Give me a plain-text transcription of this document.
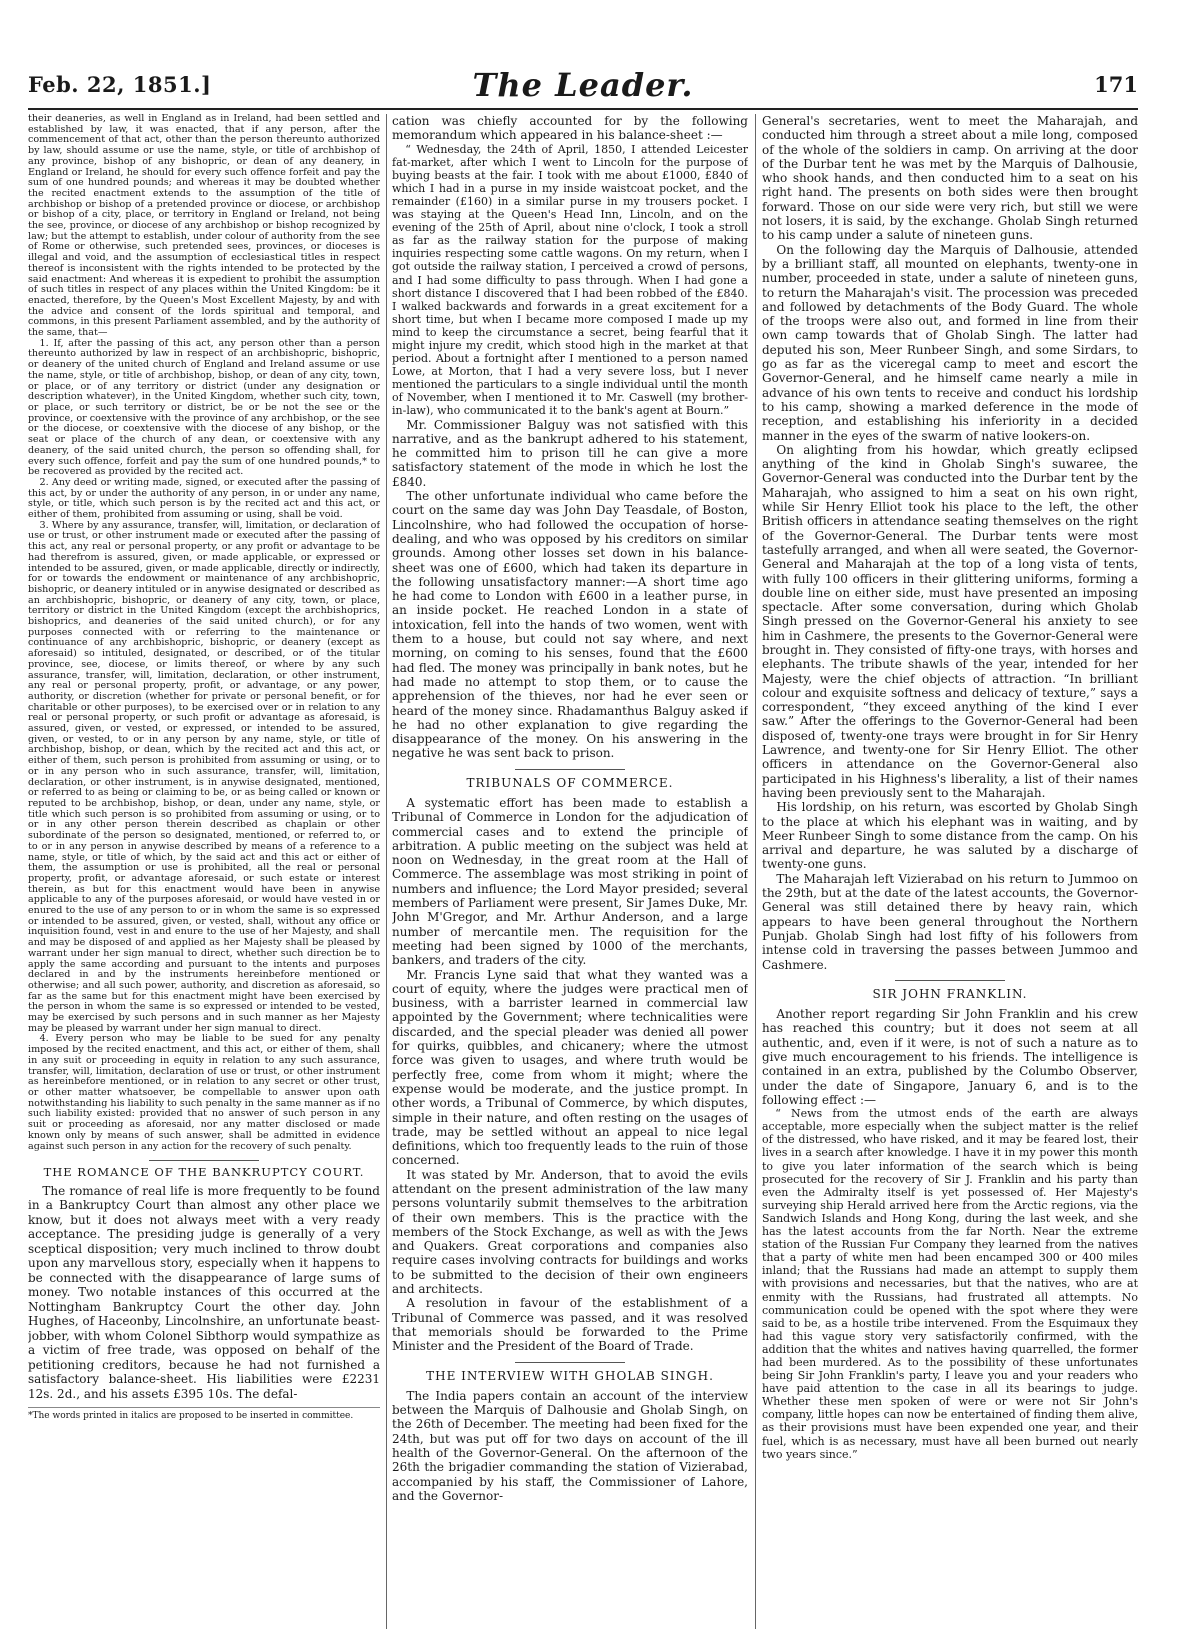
Feb. 22, 1851.]	The Leader.	171

their deaneries, as well in England as in Ireland, had been settled and established by law, it was enacted, that if any person, after the commencement of that act, other than the person thereunto authorized by law, should assume or use the name, style, or title of archbishop of any province, bishop of any bishopric, or dean of any deanery, in England or Ireland, he should for every such offence forfeit and pay the sum of one hundred pounds; and whereas it may be doubted whether the recited enactment extends to the assumption of the title of archbishop or bishop of a pretended province or diocese, or archbishop or bishop of a city, place, or territory in England or Ireland, not being the see, province, or diocese of any archbishop or bishop recognized by law; but the attempt to establish, under colour of authority from the see of Rome or otherwise, such pretended sees, provinces, or dioceses is illegal and void, and the assumption of ecclesiastical titles in respect thereof is inconsistent with the rights intended to be protected by the said enactment: And whereas it is expedient to prohibit the assumption of such titles in respect of any places within the United Kingdom: be it enacted, therefore, by the Queen's Most Excellent Majesty, by and with the advice and consent of the lords spiritual and temporal, and commons, in this present Parliament assembled, and by the authority of the same, that—

1. If, after the passing of this act, any person other than a person thereunto authorized by law in respect of an archbishopric, bishopric, or deanery of the united church of England and Ireland assume or use the name, style, or title of archbishop, bishop, or dean of any city, town, or place, or of any territory or district (under any designation or description whatever), in the United Kingdom, whether such city, town, or place, or such territory or district, be or be not the see or the province, or coextensive with the province of any archbishop, or the see or the diocese, or coextensive with the diocese of any bishop, or the seat or place of the church of any dean, or coextensive with any deanery, of the said united church, the person so offending shall, for every such offence, forfeit and pay the sum of one hundred pounds,* to be recovered as provided by the recited act.

2. Any deed or writing made, signed, or executed after the passing of this act, by or under the authority of any person, in or under any name, style, or title, which such person is by the recited act and this act, or either of them, prohibited from assuming or using, shall be void.

3. Where by any assurance, transfer, will, limitation, or declaration of use or trust, or other instrument made or executed after the passing of this act, any real or personal property, or any profit or advantage to be had therefrom is assured, given, or made applicable, or expressed or intended to be assured, given, or made applicable, directly or indirectly, for or towards the endowment or maintenance of any archbishopric, bishopric, or deanery intituled or in anywise designated or described as an archbishopric, bishopric, or deanery of any city, town, or place, territory or district in the United Kingdom (except the archbishoprics, bishoprics, and deaneries of the said united church), or for any purposes connected with or referring to the maintenance or continuance of any archbishopric, bishopric, or deanery (except as aforesaid) so intituled, designated, or described, or of the titular province, see, diocese, or limits thereof, or where by any such assurance, transfer, will, limitation, declaration, or other instrument, any real or personal property, profit, or advantage, or any power, authority, or discretion (whether for private or personal benefit, or for charitable or other purposes), to be exercised over or in relation to any real or personal property, or such profit or advantage as aforesaid, is assured, given, or vested, or expressed, or intended to be assured, given, or vested, to or in any person by any name, style, or title of archbishop, bishop, or dean, which by the recited act and this act, or either of them, such person is prohibited from assuming or using, or to or in any person who in such assurance, transfer, will, limitation, declaration, or other instrument, is in anywise designated, mentioned, or referred to as being or claiming to be, or as being called or known or reputed to be archbishop, bishop, or dean, under any name, style, or title which such person is so prohibited from assuming or using, or to or in any other person therein described as chaplain or other subordinate of the person so designated, mentioned, or referred to, or to or in any person in anywise described by means of a reference to a name, style, or title of which, by the said act and this act or either of them, the assumption or use is prohibited, all the real or personal property, profit, or advantage aforesaid, or such estate or interest therein, as but for this enactment would have been in anywise applicable to any of the purposes aforesaid, or would have vested in or enured to the use of any person to or in whom the same is so expressed or intended to be assured, given, or vested, shall, without any office or inquisition found, vest in and enure to the use of her Majesty, and shall and may be disposed of and applied as her Majesty shall be pleased by warrant under her sign manual to direct, whether such direction be to apply the same according and pursuant to the intents and purposes declared in and by the instruments hereinbefore mentioned or otherwise; and all such power, authority, and discretion as aforesaid, so far as the same but for this enactment might have been exercised by the person in whom the same is so expressed or intended to be vested, may be exercised by such persons and in such manner as her Majesty may be pleased by warrant under her sign manual to direct.

4. Every person who may be liable to be sued for any penalty imposed by the recited enactment, and this act, or either of them, shall in any suit or proceeding in equity in relation to any such assurance, transfer, will, limitation, declaration of use or trust, or other instrument as hereinbefore mentioned, or in relation to any secret or other trust, or other matter whatsoever, be compellable to answer upon oath notwithstanding his liability to such penalty in the same manner as if no such liability existed: provided that no answer of such person in any suit or proceeding as aforesaid, nor any matter disclosed or made known only by means of such answer, shall be admitted in evidence against such person in any action for the recovery of such penalty.

THE ROMANCE OF THE BANKRUPTCY COURT.

The romance of real life is more frequently to be found in a Bankruptcy Court than almost any other place we know, but it does not always meet with a very ready acceptance. The presiding judge is generally of a very sceptical disposition; very much inclined to throw doubt upon any marvellous story, especially when it happens to be connected with the disappearance of large sums of money. Two notable instances of this occurred at the Nottingham Bankruptcy Court the other day. John Hughes, of Haceonby, Lincolnshire, an unfortunate beast-jobber, with whom Colonel Sibthorp would sympathize as a victim of free trade, was opposed on behalf of the petitioning creditors, because he had not furnished a satisfactory balance-sheet. His liabilities were £2231 12s. 2d., and his assets £395 10s. The defal-

*The words printed in italics are proposed to be inserted in committee.

cation was chiefly accounted for by the following memorandum which appeared in his balance-sheet :—

“ Wednesday, the 24th of April, 1850, I attended Leicester fat-market, after which I went to Lincoln for the purpose of buying beasts at the fair. I took with me about £1000, £840 of which I had in a purse in my inside waistcoat pocket, and the remainder (£160) in a similar purse in my trousers pocket. I was staying at the Queen's Head Inn, Lincoln, and on the evening of the 25th of April, about nine o'clock, I took a stroll as far as the railway station for the purpose of making inquiries respecting some cattle wagons. On my return, when I got outside the railway station, I perceived a crowd of persons, and I had some difficulty to pass through. When I had gone a short distance I discovered that I had been robbed of the £840. I walked backwards and forwards in a great excitement for a short time, but when I became more composed I made up my mind to keep the circumstance a secret, being fearful that it might injure my credit, which stood high in the market at that period. About a fortnight after I mentioned to a person named Lowe, at Morton, that I had a very severe loss, but I never mentioned the particulars to a single individual until the month of November, when I mentioned it to Mr. Caswell (my brother-in-law), who communicated it to the bank's agent at Bourn.”

Mr. Commissioner Balguy was not satisfied with this narrative, and as the bankrupt adhered to his statement, he committed him to prison till he can give a more satisfactory statement of the mode in which he lost the £840.

The other unfortunate individual who came before the court on the same day was John Day Teasdale, of Boston, Lincolnshire, who had followed the occupation of horse-dealing, and who was opposed by his creditors on similar grounds. Among other losses set down in his balance-sheet was one of £600, which had taken its departure in the following unsatisfactory manner:—A short time ago he had come to London with £600 in a leather purse, in an inside pocket. He reached London in a state of intoxication, fell into the hands of two women, went with them to a house, but could not say where, and next morning, on coming to his senses, found that the £600 had fled. The money was principally in bank notes, but he had made no attempt to stop them, or to cause the apprehension of the thieves, nor had he ever seen or heard of the money since. Rhadamanthus Balguy asked if he had no other explanation to give regarding the disappearance of the money. On his answering in the negative he was sent back to prison.

TRIBUNALS OF COMMERCE.

A systematic effort has been made to establish a Tribunal of Commerce in London for the adjudication of commercial cases and to extend the principle of arbitration. A public meeting on the subject was held at noon on Wednesday, in the great room at the Hall of Commerce. The assemblage was most striking in point of numbers and influence; the Lord Mayor presided; several members of Parliament were present, Sir James Duke, Mr. John M'Gregor, and Mr. Arthur Anderson, and a large number of mercantile men. The requisition for the meeting had been signed by 1000 of the merchants, bankers, and traders of the city.

Mr. Francis Lyne said that what they wanted was a court of equity, where the judges were practical men of business, with a barrister learned in commercial law appointed by the Government; where technicalities were discarded, and the special pleader was denied all power for quirks, quibbles, and chicanery; where the utmost force was given to usages, and where truth would be perfectly free, come from whom it might; where the expense would be moderate, and the justice prompt. In other words, a Tribunal of Commerce, by which disputes, simple in their nature, and often resting on the usages of trade, may be settled without an appeal to nice legal definitions, which too frequently leads to the ruin of those concerned.

It was stated by Mr. Anderson, that to avoid the evils attendant on the present administration of the law many persons voluntarily submit themselves to the arbitration of their own members. This is the practice with the members of the Stock Exchange, as well as with the Jews and Quakers. Great corporations and companies also require cases involving contracts for buildings and works to be submitted to the decision of their own engineers and architects.

A resolution in favour of the establishment of a Tribunal of Commerce was passed, and it was resolved that memorials should be forwarded to the Prime Minister and the President of the Board of Trade.

THE INTERVIEW WITH GHOLAB SINGH.

The India papers contain an account of the interview between the Marquis of Dalhousie and Gholab Singh, on the 26th of December. The meeting had been fixed for the 24th, but was put off for two days on account of the ill health of the Governor-General. On the afternoon of the 26th the brigadier commanding the station of Vizierabad, accompanied by his staff, the Commissioner of Lahore, and the Governor-

General's secretaries, went to meet the Maharajah, and conducted him through a street about a mile long, composed of the whole of the soldiers in camp. On arriving at the door of the Durbar tent he was met by the Marquis of Dalhousie, who shook hands, and then conducted him to a seat on his right hand. The presents on both sides were then brought forward. Those on our side were very rich, but still we were not losers, it is said, by the exchange. Gholab Singh returned to his camp under a salute of nineteen guns.

On the following day the Marquis of Dalhousie, attended by a brilliant staff, all mounted on elephants, twenty-one in number, proceeded in state, under a salute of nineteen guns, to return the Maharajah's visit. The procession was preceded and followed by detachments of the Body Guard. The whole of the troops were also out, and formed in line from their own camp towards that of Gholab Singh. The latter had deputed his son, Meer Runbeer Singh, and some Sirdars, to go as far as the viceregal camp to meet and escort the Governor-General, and he himself came nearly a mile in advance of his own tents to receive and conduct his lordship to his camp, showing a marked deference in the mode of reception, and establishing his inferiority in a decided manner in the eyes of the swarm of native lookers-on.

On alighting from his howdar, which greatly eclipsed anything of the kind in Gholab Singh's suwaree, the Governor-General was conducted into the Durbar tent by the Maharajah, who assigned to him a seat on his own right, while Sir Henry Elliot took his place to the left, the other British officers in attendance seating themselves on the right of the Governor-General. The Durbar tents were most tastefully arranged, and when all were seated, the Governor-General and Maharajah at the top of a long vista of tents, with fully 100 officers in their glittering uniforms, forming a double line on either side, must have presented an imposing spectacle. After some conversation, during which Gholab Singh pressed on the Governor-General his anxiety to see him in Cashmere, the presents to the Governor-General were brought in. They consisted of fifty-one trays, with horses and elephants. The tribute shawls of the year, intended for her Majesty, were the chief objects of attraction. “In brilliant colour and exquisite softness and delicacy of texture,” says a correspondent, “they exceed anything of the kind I ever saw.” After the offerings to the Governor-General had been disposed of, twenty-one trays were brought in for Sir Henry Lawrence, and twenty-one for Sir Henry Elliot. The other officers in attendance on the Governor-General also participated in his Highness's liberality, a list of their names having been previously sent to the Maharajah.

His lordship, on his return, was escorted by Gholab Singh to the place at which his elephant was in waiting, and by Meer Runbeer Singh to some distance from the camp. On his arrival and departure, he was saluted by a discharge of twenty-one guns.

The Maharajah left Vizierabad on his return to Jummoo on the 29th, but at the date of the latest accounts, the Governor-General was still detained there by heavy rain, which appears to have been general throughout the Northern Punjab. Gholab Singh had lost fifty of his followers from intense cold in traversing the passes between Jummoo and Cashmere.

SIR JOHN FRANKLIN.

Another report regarding Sir John Franklin and his crew has reached this country; but it does not seem at all authentic, and, even if it were, is not of such a nature as to give much encouragement to his friends. The intelligence is contained in an extra, published by the Columbo Observer, under the date of Singapore, January 6, and is to the following effect :—

“ News from the utmost ends of the earth are always acceptable, more especially when the subject matter is the relief of the distressed, who have risked, and it may be feared lost, their lives in a search after knowledge. I have it in my power this month to give you later information of the search which is being prosecuted for the recovery of Sir J. Franklin and his party than even the Admiralty itself is yet possessed of. Her Majesty's surveying ship Herald arrived here from the Arctic regions, via the Sandwich Islands and Hong Kong, during the last week, and she has the latest accounts from the far North. Near the extreme station of the Russian Fur Company they learned from the natives that a party of white men had been encamped 300 or 400 miles inland; that the Russians had made an attempt to supply them with provisions and necessaries, but that the natives, who are at enmity with the Russians, had frustrated all attempts. No communication could be opened with the spot where they were said to be, as a hostile tribe intervened. From the Esquimaux they had this vague story very satisfactorily confirmed, with the addition that the whites and natives having quarrelled, the former had been murdered. As to the possibility of these unfortunates being Sir John Franklin's party, I leave you and your readers who have paid attention to the case in all its bearings to judge. Whether these men spoken of were or were not Sir John's company, little hopes can now be entertained of finding them alive, as their provisions must have been expended one year, and their fuel, which is as necessary, must have all been burned out nearly two years since.”
